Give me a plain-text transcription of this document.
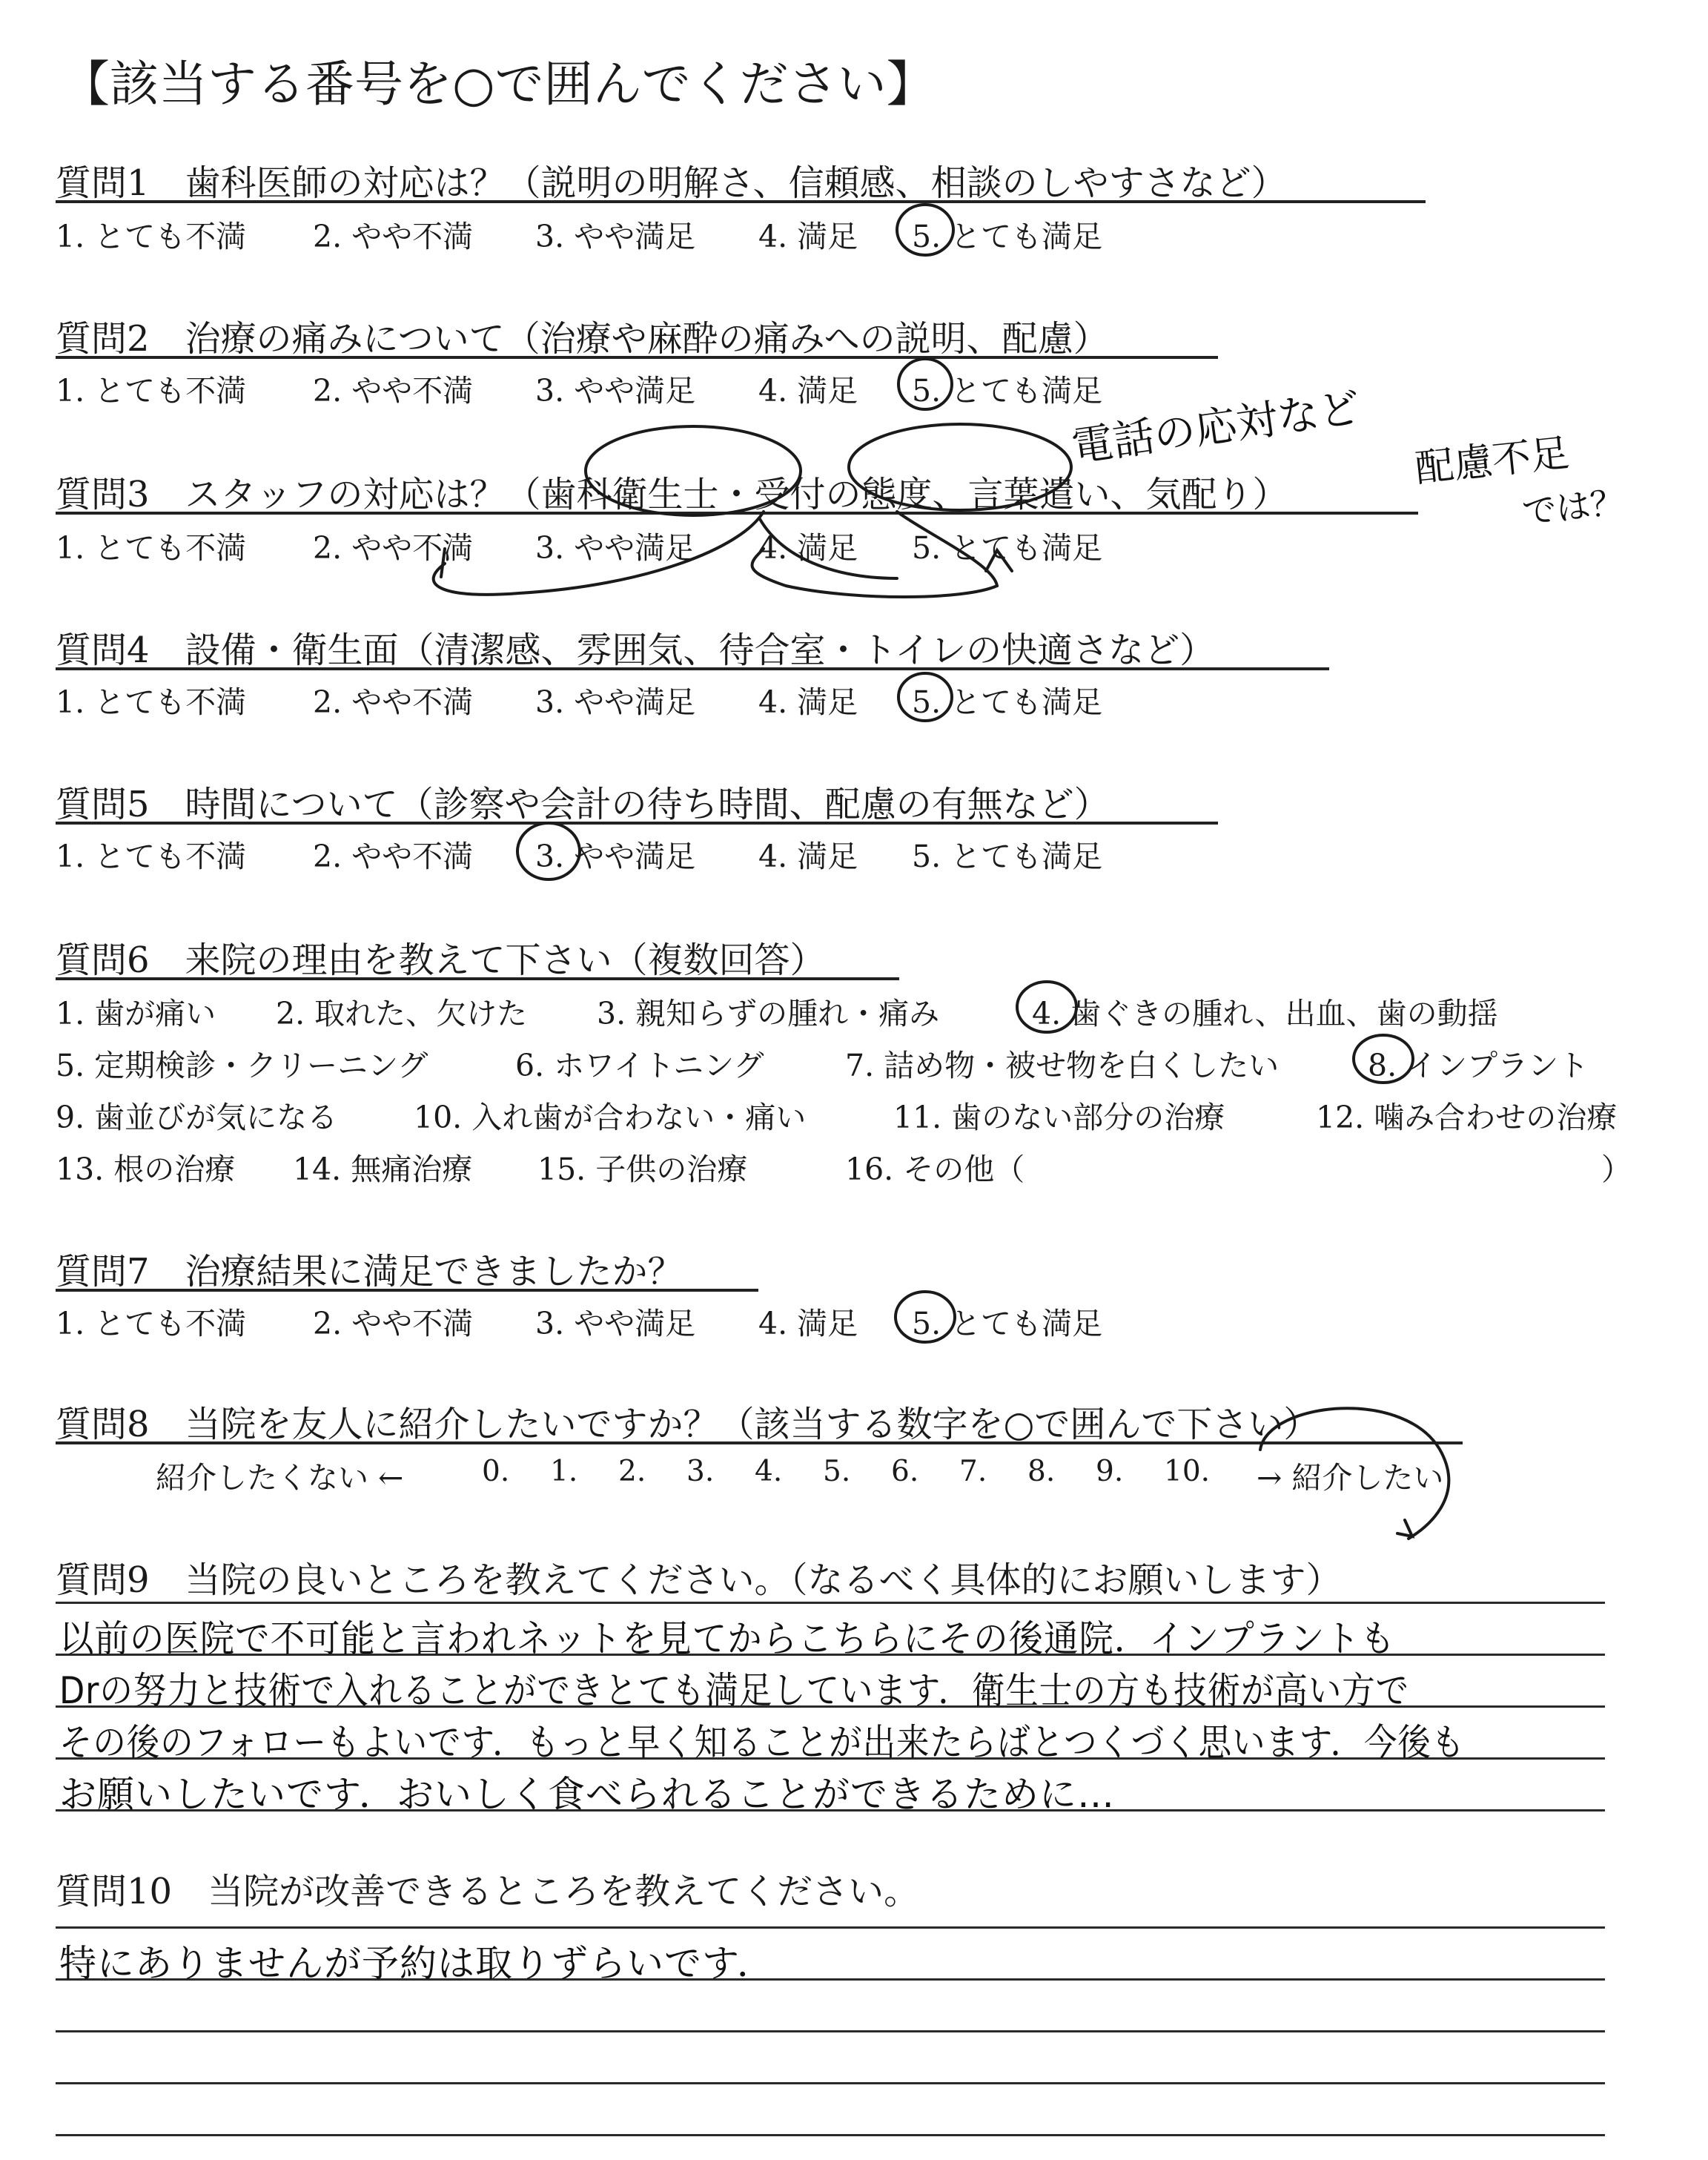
【該当する番号を○で囲んでください】
質問1　歯科医師の対応は？（説明の明解さ、信頼感、相談のしやすさなど）
1. とても不満 2. やや不満 3. やや満足 4. 満足 5. とても満足
質問2　治療の痛みについて（治療や麻酔の痛みへの説明、配慮）
1. とても不満 2. やや不満 3. やや満足 4. 満足 5. とても満足
質問3　スタッフの対応は？（歯科衛生士・受付の態度、言葉遣い、気配り）
1. とても不満 2. やや不満 3. やや満足 4. 満足 5. とても満足
質問4　設備・衛生面（清潔感、雰囲気、待合室・トイレの快適さなど）
1. とても不満 2. やや不満 3. やや満足 4. 満足 5. とても満足
質問5　時間について（診察や会計の待ち時間、配慮の有無など）
1. とても不満 2. やや不満 3. やや満足 4. 満足 5. とても満足
質問6　来院の理由を教えて下さい（複数回答）
1. 歯が痛い 2. 取れた、欠けた 3. 親知らずの腫れ・痛み	4. 歯ぐきの腫れ、出血、歯の動揺
5. 定期検診・クリーニング	6. ホワイトニング	7. 詰め物・被せ物を白くしたい	8. インプラント
9. 歯並びが気になる	10. 入れ歯が合わない・痛い	11. 歯のない部分の治療	12. 噛み合わせの治療
13. 根の治療 14. 無痛治療 15. 子供の治療	16. その他（	）
質問7　治療結果に満足できましたか？
1. とても不満 2. やや不満 3. やや満足 4. 満足 5. とても満足
質問8　当院を友人に紹介したいですか？（該当する数字を○で囲んで下さい）
紹介したくない ←	0. 1. 2. 3. 4. 5. 6. 7. 8. 9. 10. → 紹介したい
質問9　当院の良いところを教えてください。（なるべく具体的にお願いします）
以前の医院で不可能と言われネットを見てからこちらにその後通院．インプラントも
Drの努力と技術で入れることができとても満足しています．衛生士の方も技術が高い方で
その後のフォローもよいです．もっと早く知ることが出来たらばとつくづく思います．今後も
お願いしたいです．おいしく食べられることができるために…
質問10　当院が改善できるところを教えてください。
特にありませんが予約は取りずらいです．
電話の応対など 配慮不足
では？
